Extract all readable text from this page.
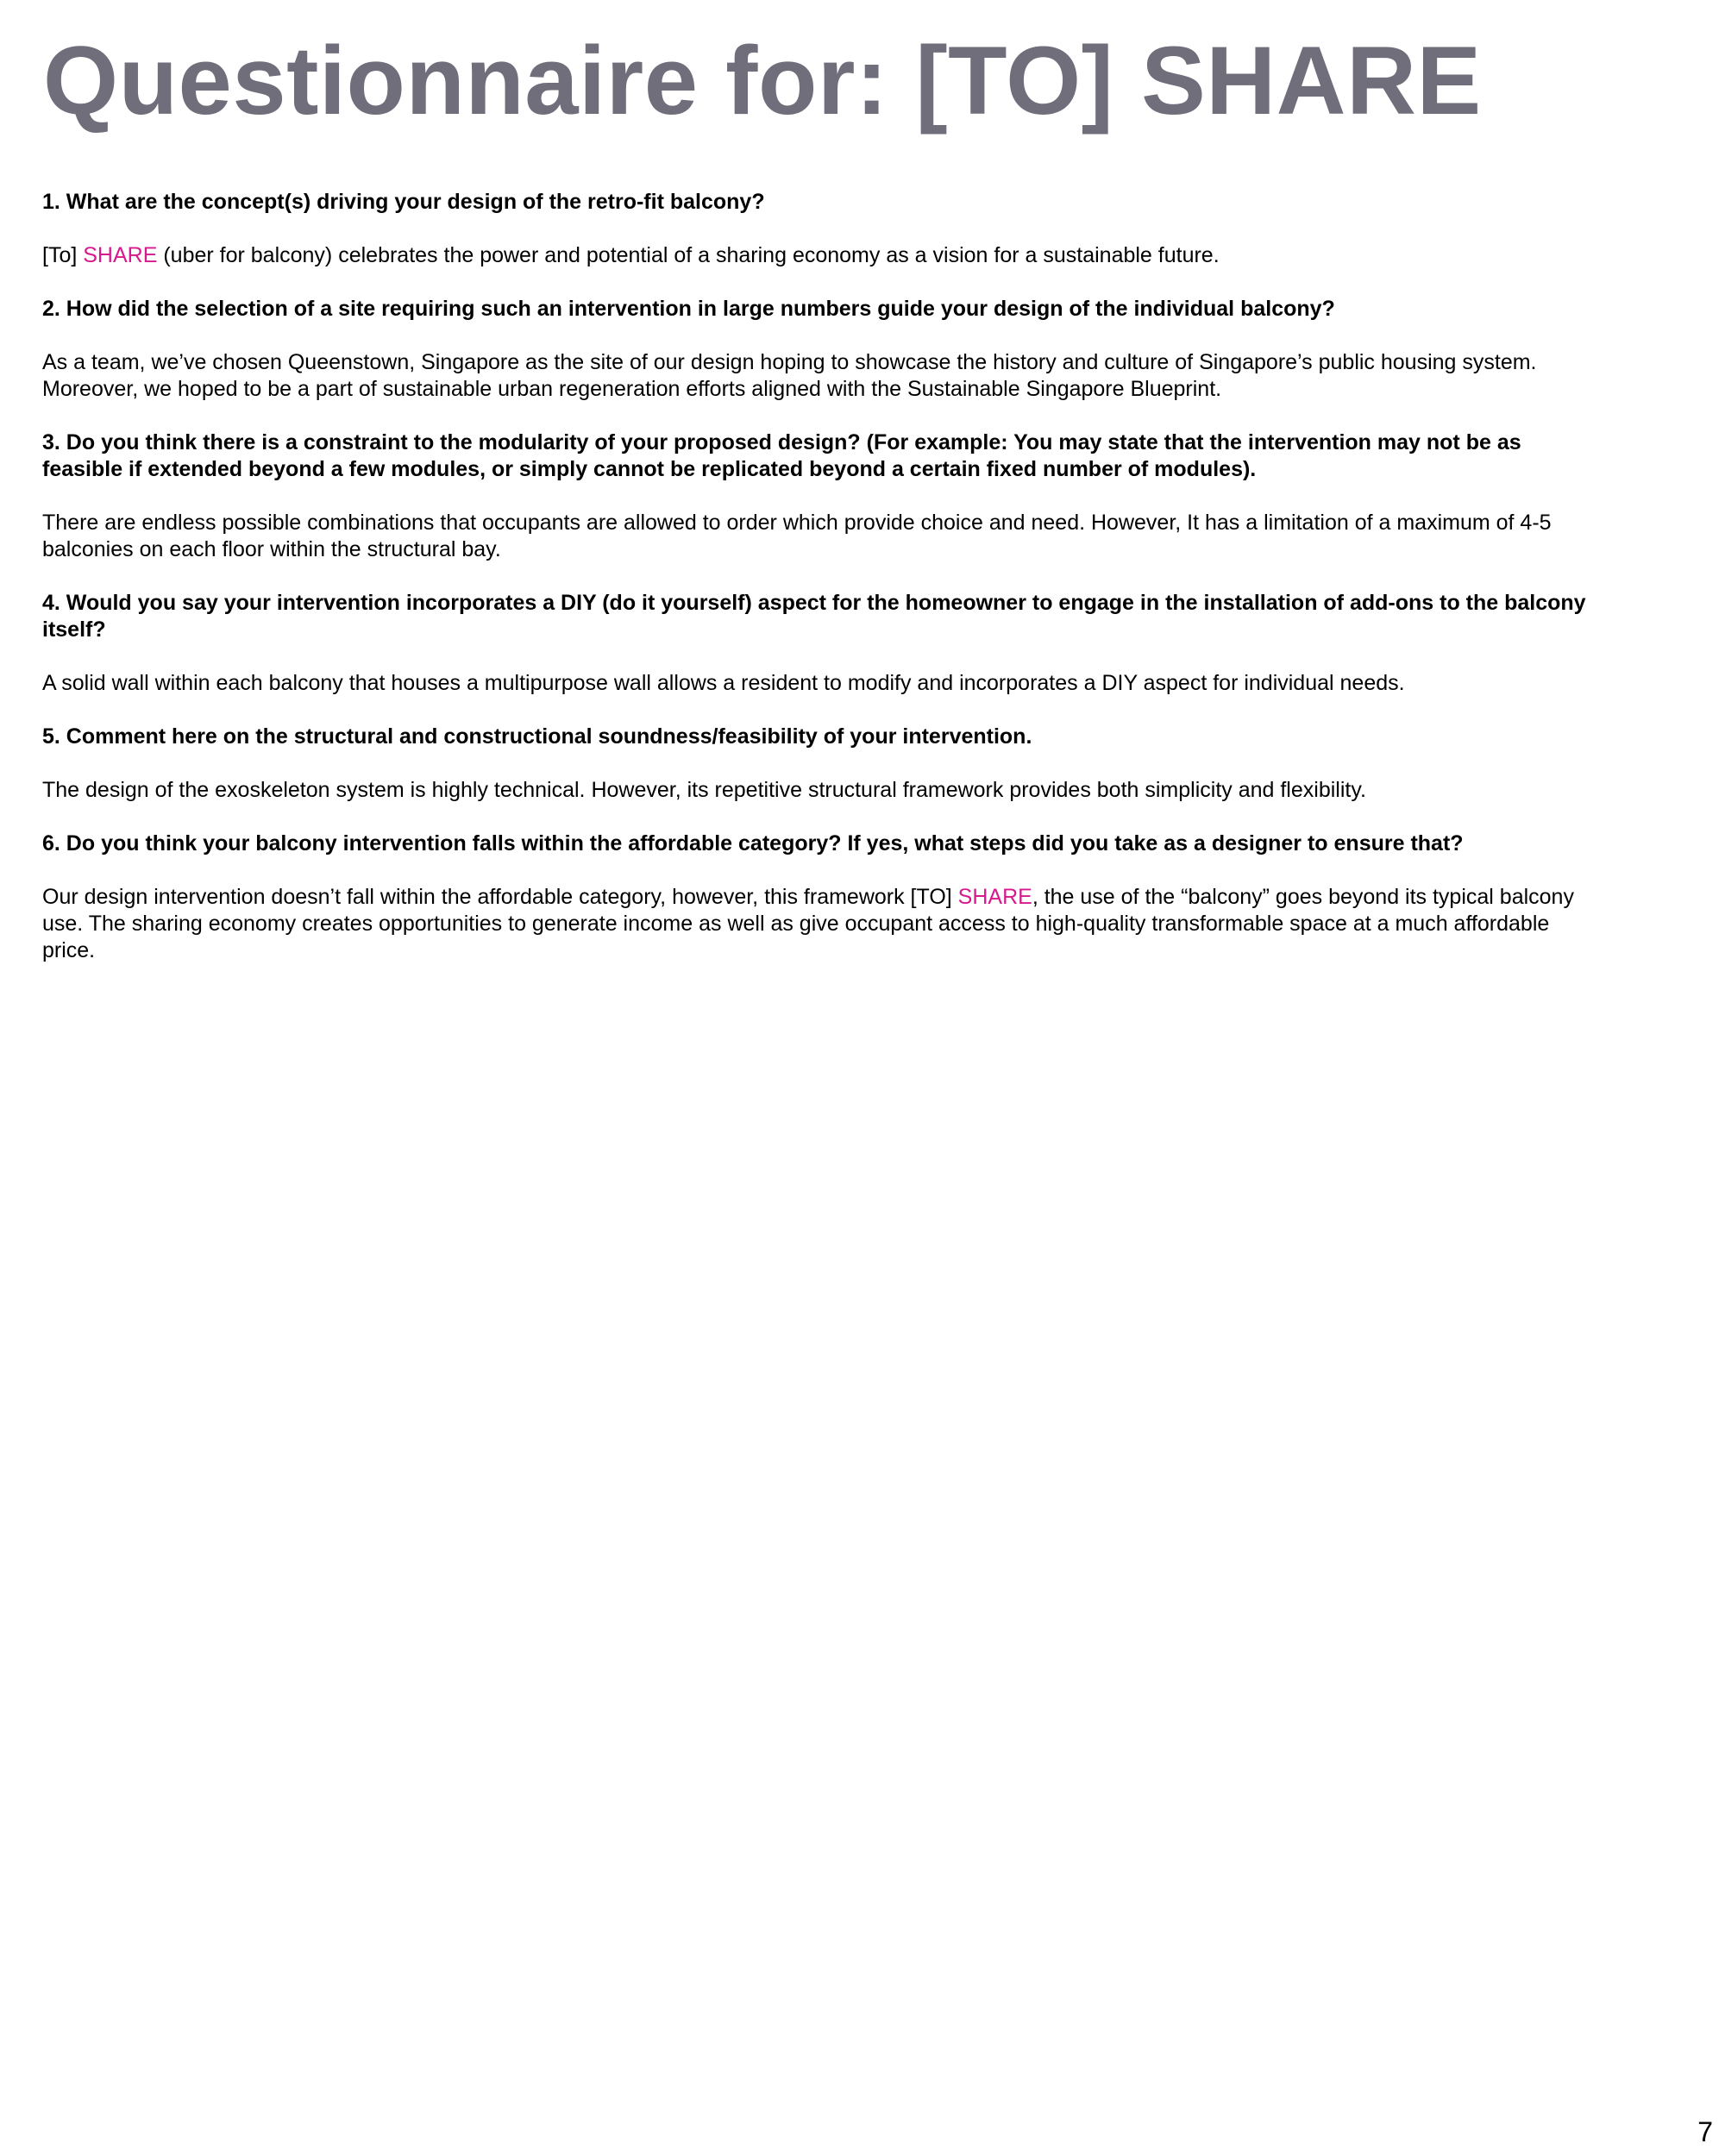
Questionnaire for: [TO] SHARE

1. What are the concept(s) driving your design of the retro-fit balcony?

[To] SHARE (uber for balcony) celebrates the power and potential of a sharing economy as a vision for a sustainable future.

2. How did the selection of a site requiring such an intervention in large numbers guide your design of the individual balcony?

As a team, we’ve chosen Queenstown, Singapore as the site of our design hoping to showcase the history and culture of Singapore’s public housing system. Moreover, we hoped to be a part of sustainable urban regeneration efforts aligned with the Sustainable Singapore Blueprint.

3. Do you think there is a constraint to the modularity of your proposed design? (For example: You may state that the intervention may not be as feasible if extended beyond a few modules, or simply cannot be replicated beyond a certain fixed number of modules).

There are endless possible combinations that occupants are allowed to order which provide choice and need. However, It has a limitation of a maximum of 4-5 balconies on each floor within the structural bay.

4. Would you say your intervention incorporates a DIY (do it yourself) aspect for the homeowner to engage in the installation of add-ons to the balcony itself?

A solid wall within each balcony that houses a multipurpose wall allows a resident to modify and incorporates a DIY aspect for individual needs.

5. Comment here on the structural and constructional soundness/feasibility of your intervention.

The design of the exoskeleton system is highly technical. However, its repetitive structural framework provides both simplicity and flexibility.

6. Do you think your balcony intervention falls within the affordable category? If yes, what steps did you take as a designer to ensure that?

Our design intervention doesn’t fall within the affordable category, however, this framework [TO] SHARE, the use of the “balcony” goes beyond its typical balcony use. The sharing economy creates opportunities to generate income as well as give occupant access to high-quality transformable space at a much affordable price.

7
